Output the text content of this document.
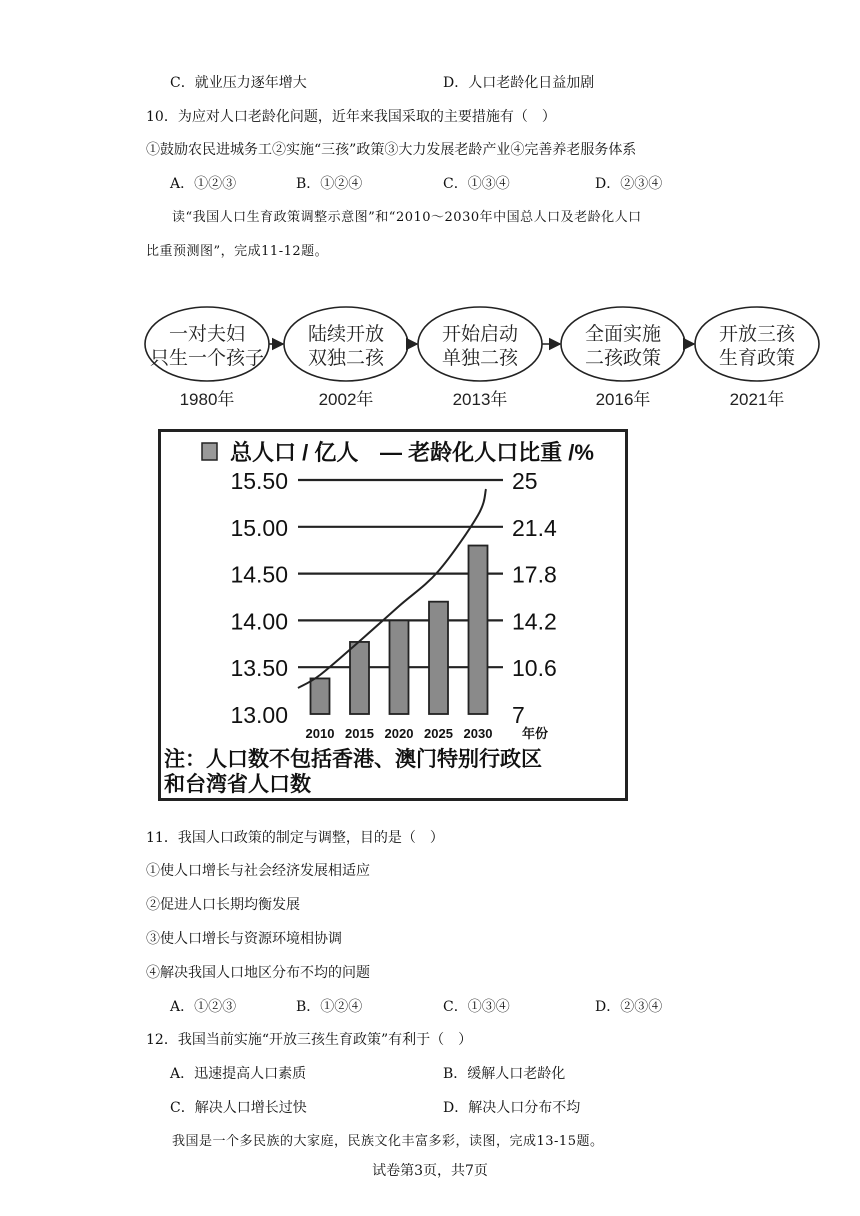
C．就业压力逐年增大	D．人口老龄化日益加剧
10．为应对人口老龄化问题，近年来我国采取的主要措施有（　）
①鼓励农民进城务工②实施“三孩”政策③大力发展老龄产业④完善养老服务体系
A．①②③	B．①②④	C．①③④	D．②③④
读“我国人口生育政策调整示意图”和“2010～2030年中国总人口及老龄化人口
比重预测图”，完成11-12题。
一对夫妇
只生一个孩子
1980年
陆续开放
双独二孩
2002年
开始启动
单独二孩
2013年
全面实施
二孩政策
2016年
开放三孩
生育政策
2021年
总人口 / 亿人 — 老龄化人口比重 /%
15.50	25
15.00	21.4
14.50	17.8
14.00	14.2
13.50	10.6
13.00	7
2010 2015 2020 2025 2030 年份
注：人口数不包括香港、澳门特别行政区
和台湾省人口数
11．我国人口政策的制定与调整，目的是（　）
①使人口增长与社会经济发展相适应
②促进人口长期均衡发展
③使人口增长与资源环境相协调
④解决我国人口地区分布不均的问题
A．①②③	B．①②④	C．①③④	D．②③④
12．我国当前实施“开放三孩生育政策”有利于（　）
A．迅速提高人口素质	B．缓解人口老龄化
C．解决人口增长过快	D．解决人口分布不均
我国是一个多民族的大家庭，民族文化丰富多彩，读图，完成13-15题。
试卷第3页，共7页
